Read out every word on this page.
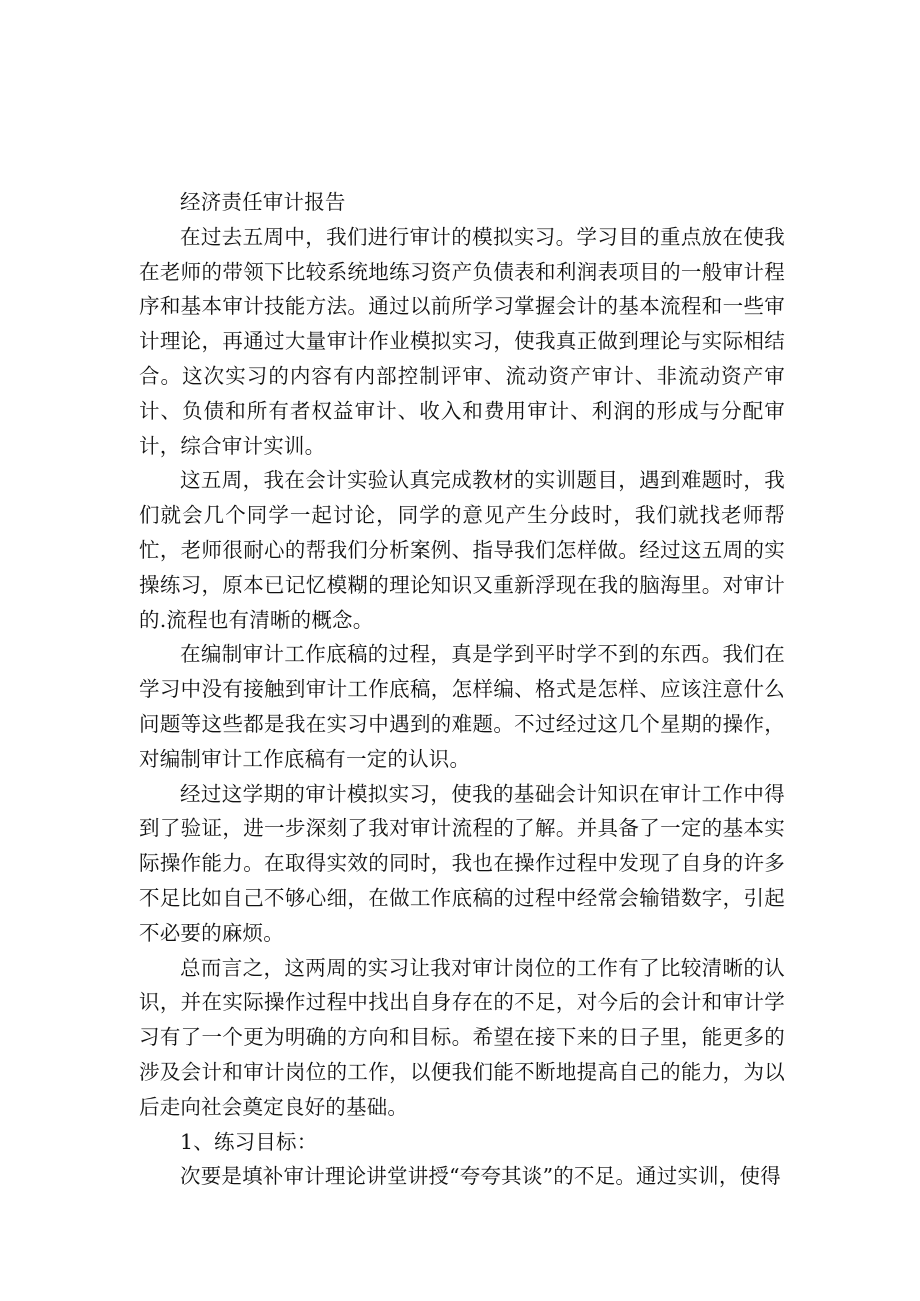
经济责任审计报告

在过去五周中，我们进行审计的模拟实习。学习目的重点放在使我在老师的带领下比较系统地练习资产负债表和利润表项目的一般审计程序和基本审计技能方法。通过以前所学习掌握会计的基本流程和一些审计理论，再通过大量审计作业模拟实习，使我真正做到理论与实际相结合。这次实习的内容有内部控制评审、流动资产审计、非流动资产审计、负债和所有者权益审计、收入和费用审计、利润的形成与分配审计，综合审计实训。

这五周，我在会计实验认真完成教材的实训题目，遇到难题时，我们就会几个同学一起讨论，同学的意见产生分歧时，我们就找老师帮忙，老师很耐心的帮我们分析案例、指导我们怎样做。经过这五周的实操练习，原本已记忆模糊的理论知识又重新浮现在我的脑海里。对审计的.流程也有清晰的概念。

在编制审计工作底稿的过程，真是学到平时学不到的东西。我们在学习中没有接触到审计工作底稿，怎样编、格式是怎样、应该注意什么问题等这些都是我在实习中遇到的难题。不过经过这几个星期的操作，对编制审计工作底稿有一定的认识。

经过这学期的审计模拟实习，使我的基础会计知识在审计工作中得到了验证，进一步深刻了我对审计流程的了解。并具备了一定的基本实际操作能力。在取得实效的同时，我也在操作过程中发现了自身的许多不足比如自己不够心细，在做工作底稿的过程中经常会输错数字，引起不必要的麻烦。

总而言之，这两周的实习让我对审计岗位的工作有了比较清晰的认识，并在实际操作过程中找出自身存在的不足，对今后的会计和审计学习有了一个更为明确的方向和目标。希望在接下来的日子里，能更多的涉及会计和审计岗位的工作，以便我们能不断地提高自己的能力，为以后走向社会奠定良好的基础。

1、练习目标：

次要是填补审计理论讲堂讲授“夸夸其谈”的不足。通过实训，使得
